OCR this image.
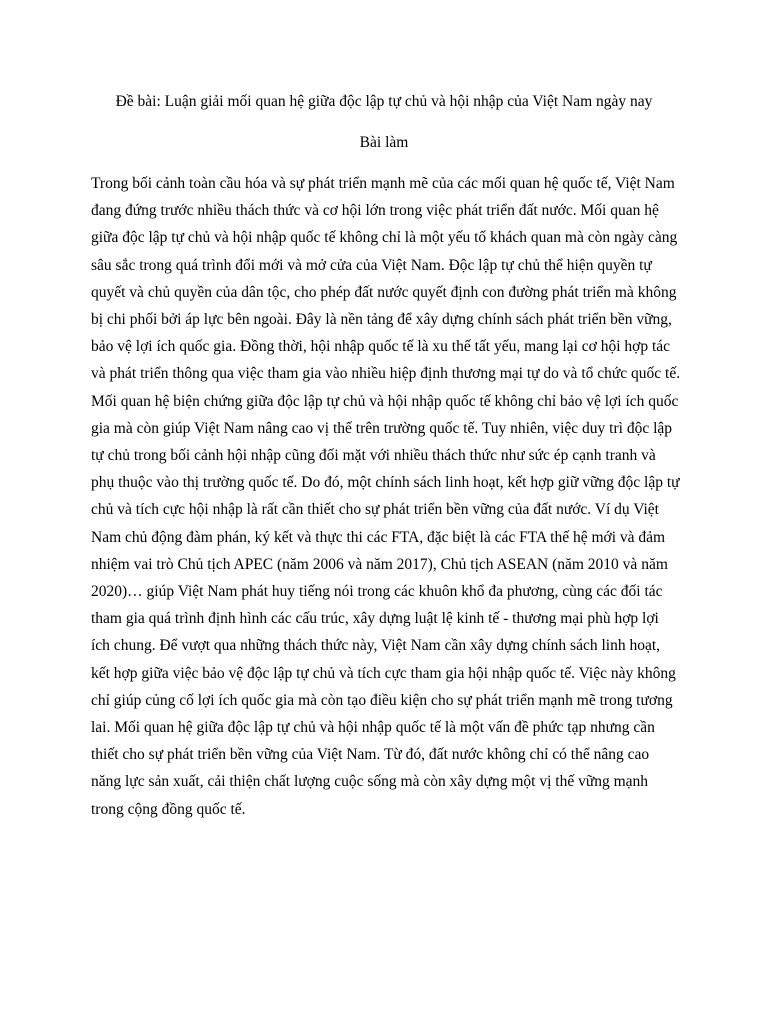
Đề bài: Luận giải mối quan hệ giữa độc lập tự chủ và hội nhập của Việt Nam ngày nay
Bài làm

Trong bối cảnh toàn cầu hóa và sự phát triển mạnh mẽ của các mối quan hệ quốc tế, Việt Nam đang đứng trước nhiều thách thức và cơ hội lớn trong việc phát triển đất nước. Mối quan hệ giữa độc lập tự chủ và hội nhập quốc tế không chỉ là một yếu tố khách quan mà còn ngày càng sâu sắc trong quá trình đổi mới và mở cửa của Việt Nam. Độc lập tự chủ thể hiện quyền tự quyết và chủ quyền của dân tộc, cho phép đất nước quyết định con đường phát triển mà không bị chi phối bởi áp lực bên ngoài. Đây là nền tảng để xây dựng chính sách phát triển bền vững, bảo vệ lợi ích quốc gia. Đồng thời, hội nhập quốc tế là xu thế tất yếu, mang lại cơ hội hợp tác và phát triển thông qua việc tham gia vào nhiều hiệp định thương mại tự do và tổ chức quốc tế. Mối quan hệ biện chứng giữa độc lập tự chủ và hội nhập quốc tế không chỉ bảo vệ lợi ích quốc gia mà còn giúp Việt Nam nâng cao vị thế trên trường quốc tế. Tuy nhiên, việc duy trì độc lập tự chủ trong bối cảnh hội nhập cũng đối mặt với nhiều thách thức như sức ép cạnh tranh và phụ thuộc vào thị trường quốc tế. Do đó, một chính sách linh hoạt, kết hợp giữ vững độc lập tự chủ và tích cực hội nhập là rất cần thiết cho sự phát triển bền vững của đất nước. Ví dụ Việt Nam chủ động đàm phán, ký kết và thực thi các FTA, đặc biệt là các FTA thế hệ mới và đảm nhiệm vai trò Chủ tịch APEC (năm 2006 và năm 2017), Chủ tịch ASEAN (năm 2010 và năm 2020)… giúp Việt Nam phát huy tiếng nói trong các khuôn khổ đa phương, cùng các đối tác tham gia quá trình định hình các cấu trúc, xây dựng luật lệ kinh tế - thương mại phù hợp lợi ích chung. Để vượt qua những thách thức này, Việt Nam cần xây dựng chính sách linh hoạt, kết hợp giữa việc bảo vệ độc lập tự chủ và tích cực tham gia hội nhập quốc tế. Việc này không chỉ giúp củng cố lợi ích quốc gia mà còn tạo điều kiện cho sự phát triển mạnh mẽ trong tương lai. Mối quan hệ giữa độc lập tự chủ và hội nhập quốc tế là một vấn đề phức tạp nhưng cần thiết cho sự phát triển bền vững của Việt Nam. Từ đó, đất nước không chỉ có thể nâng cao năng lực sản xuất, cải thiện chất lượng cuộc sống mà còn xây dựng một vị thế vững mạnh trong cộng đồng quốc tế.
